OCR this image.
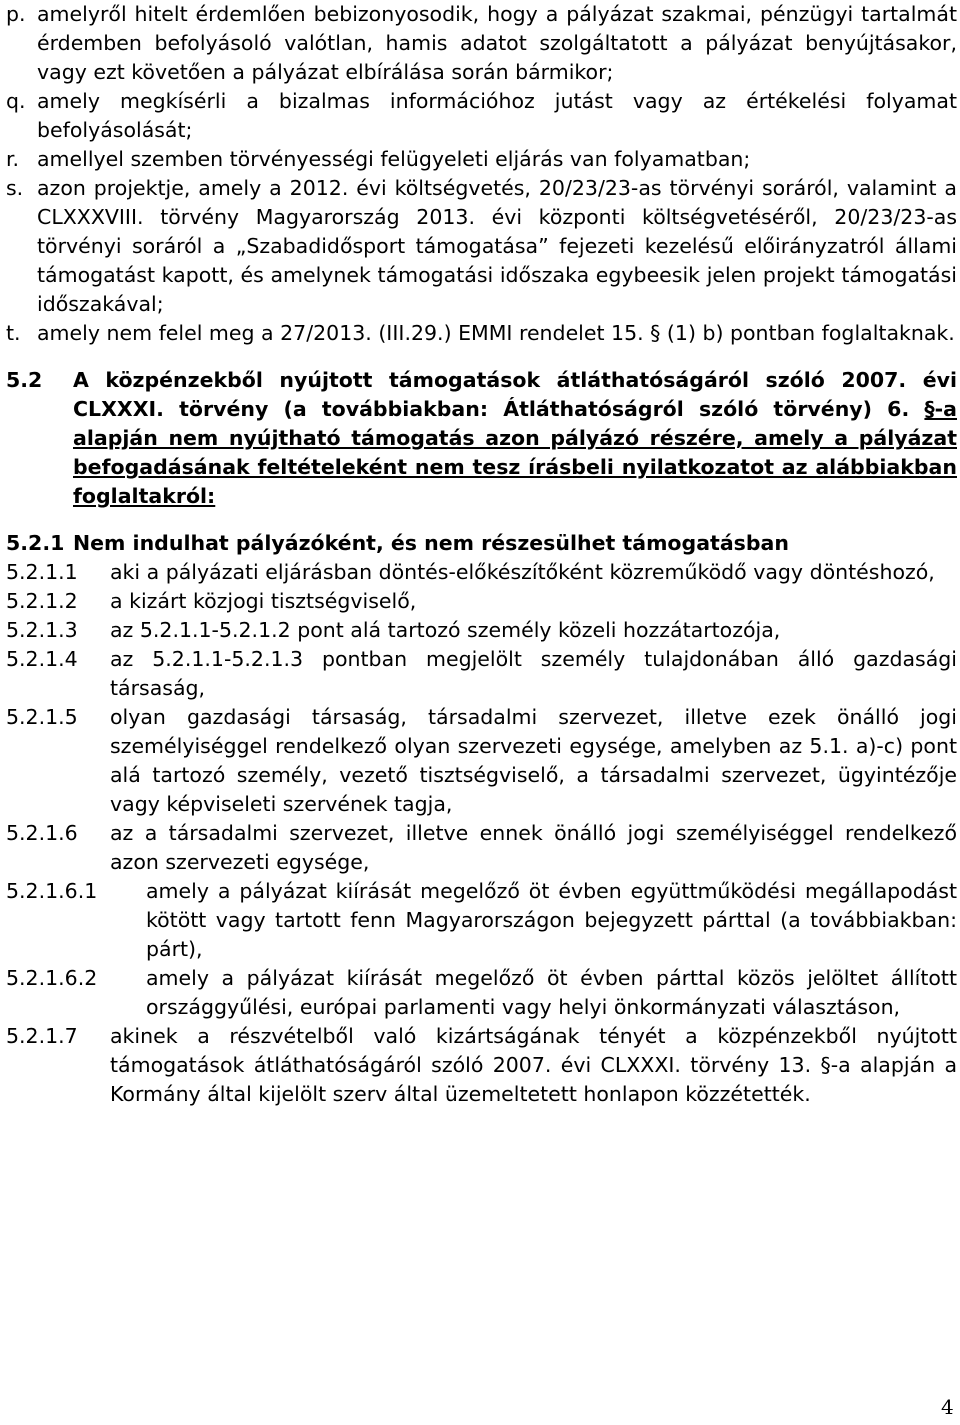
p. amelyről hitelt érdemlően bebizonyosodik, hogy a pályázat szakmai, pénzügyi tartalmát érdemben befolyásoló valótlan, hamis adatot szolgáltatott a pályázat benyújtásakor, vagy ezt követően a pályázat elbírálása során bármikor;
q. amely megkísérli a bizalmas információhoz jutást vagy az értékelési folyamat befolyásolását;
r. amellyel szemben törvényességi felügyeleti eljárás van folyamatban;
s. azon projektje, amely a 2012. évi költségvetés, 20/23/23-as törvényi soráról, valamint a CLXXXVIII. törvény Magyarország 2013. évi központi költségvetéséről, 20/23/23-as törvényi soráról a „Szabadidősport támogatása” fejezeti kezelésű előirányzatról állami támogatást kapott, és amelynek támogatási időszaka egybeesik jelen projekt támogatási időszakával;
t. amely nem felel meg a 27/2013. (III.29.) EMMI rendelet 15. § (1) b) pontban foglaltaknak.
5.2	A közpénzekből nyújtott támogatások átláthatóságáról szóló 2007. évi CLXXXI. törvény (a továbbiakban: Átláthatóságról szóló törvény) 6. §-a alapján nem nyújtható támogatás azon pályázó részére, amely a pályázat befogadásának feltételeként nem tesz írásbeli nyilatkozatot az alábbiakban foglaltakról:
5.2.1 Nem indulhat pályázóként, és nem részesülhet támogatásban
5.2.1.1	aki a pályázati eljárásban döntés-előkészítőként közreműködő vagy döntéshozó,
5.2.1.2	a kizárt közjogi tisztségviselő,
5.2.1.3	az 5.2.1.1-5.2.1.2 pont alá tartozó személy közeli hozzátartozója,
5.2.1.4	az 5.2.1.1-5.2.1.3 pontban megjelölt személy tulajdonában álló gazdasági társaság,
5.2.1.5	olyan gazdasági társaság, társadalmi szervezet, illetve ezek önálló jogi személyiséggel rendelkező olyan szervezeti egysége, amelyben az 5.1. a)-c) pont alá tartozó személy, vezető tisztségviselő, a társadalmi szervezet, ügyintézője vagy képviseleti szervének tagja,
5.2.1.6	az a társadalmi szervezet, illetve ennek önálló jogi személyiséggel rendelkező azon szervezeti egysége,
5.2.1.6.1	amely a pályázat kiírását megelőző öt évben együttműködési megállapodást kötött vagy tartott fenn Magyarországon bejegyzett párttal (a továbbiakban: párt),
5.2.1.6.2	amely a pályázat kiírását megelőző öt évben párttal közös jelöltet állított országgyűlési, európai parlamenti vagy helyi önkormányzati választáson,
5.2.1.7	akinek a részvételből való kizártságának tényét a közpénzekből nyújtott támogatások átláthatóságáról szóló 2007. évi CLXXXI. törvény 13. §-a alapján a Kormány által kijelölt szerv által üzemeltetett honlapon közzétették.
4
